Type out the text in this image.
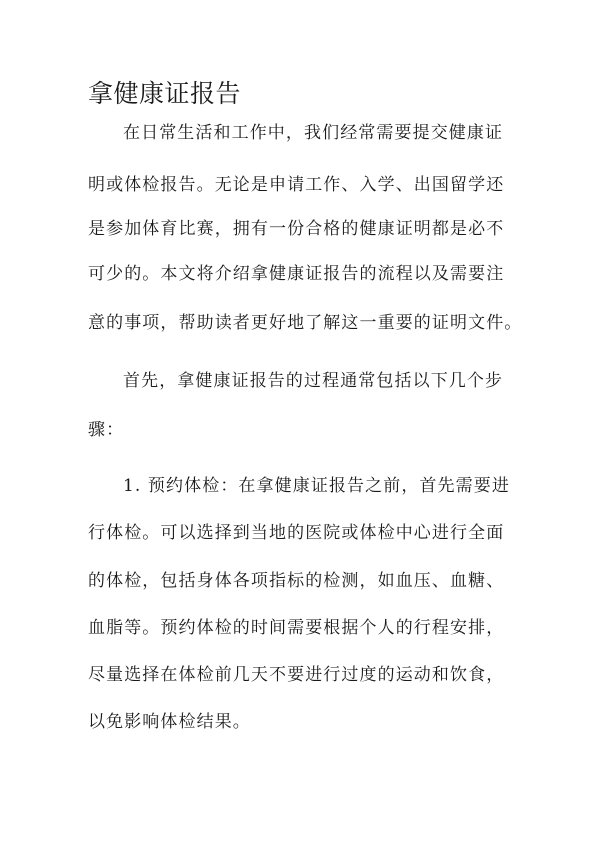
拿健康证报告

在日常生活和工作中，我们经常需要提交健康证

明或体检报告。无论是申请工作、入学、出国留学还

是参加体育比赛，拥有一份合格的健康证明都是必不

可少的。本文将介绍拿健康证报告的流程以及需要注

意的事项，帮助读者更好地了解这一重要的证明文件。

首先，拿健康证报告的过程通常包括以下几个步

骤：

1. 预约体检：在拿健康证报告之前，首先需要进

行体检。可以选择到当地的医院或体检中心进行全面

的体检，包括身体各项指标的检测，如血压、血糖、

血脂等。预约体检的时间需要根据个人的行程安排，

尽量选择在体检前几天不要进行过度的运动和饮食，

以免影响体检结果。
